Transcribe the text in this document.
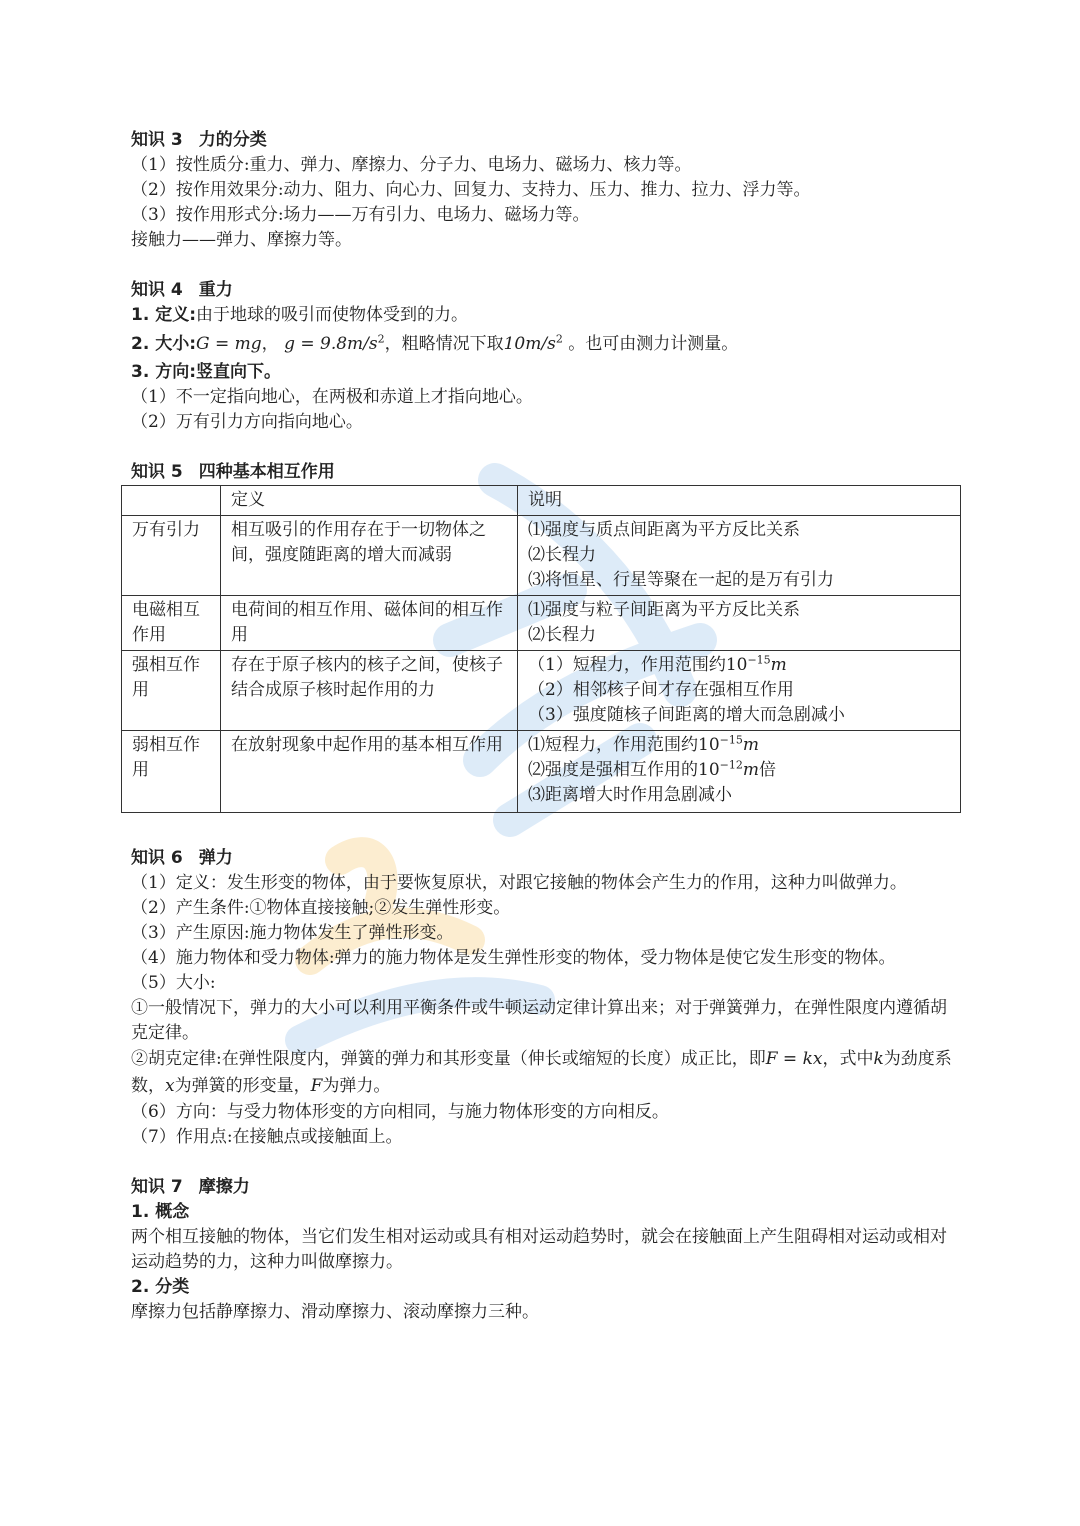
知识 3 力的分类
（1）按性质分:重力、弹力、摩擦力、分子力、电场力、磁场力、核力等。
（2）按作用效果分:动力、阻力、向心力、回复力、支持力、压力、推力、拉力、浮力等。
（3）按作用形式分:场力——万有引力、电场力、磁场力等。
接触力——弹力、摩擦力等。
知识 4 重力
1. 定义:由于地球的吸引而使物体受到的力。
2. 大小:G = mg， $g = 9.8m/s^2$，粗略情况下取$10m/s^2$ 。也可由测力计测量。
3. 方向:竖直向下。
（1）不一定指向地心，在两极和赤道上才指向地心。
（2）万有引力方向指向地心。
知识 5 四种基本相互作用
	定义	说明
万有引力	相互吸引的作用存在于一切物体之间，强度随距离的增大而减弱	⑴强度与质点间距离为平方反比关系
⑵长程力
⑶将恒星、行星等聚在一起的是万有引力

电磁相互作用	电荷间的相互作用、磁体间的相互作用	⑴强度与粒子间距离为平方反比关系
⑵长程力

强相互作用	存在于原子核内的核子之间，使核子结合成原子核时起作用的力	（1）短程力，作用范围约$10^{-15}m$
（2）相邻核子间才存在强相互作用
（3）强度随核子间距离的增大而急剧减小

弱相互作用	在放射现象中起作用的基本相互作用	⑴短程力，作用范围约$10^{-15}m$
⑵强度是强相互作用的$10^{-12}m$倍
⑶距离增大时作用急剧减小
知识 6 弹力
（1）定义：发生形变的物体，由于要恢复原状，对跟它接触的物体会产生力的作用，这种力叫做弹力。
（2）产生条件:①物体直接接触;②发生弹性形变。
（3）产生原因:施力物体发生了弹性形变。
（4）施力物体和受力物体:弹力的施力物体是发生弹性形变的物体，受力物体是使它发生形变的物体。
（5）大小:
①一般情况下，弹力的大小可以利用平衡条件或牛顿运动定律计算出来；对于弹簧弹力，在弹性限度内遵循胡克定律。
②胡克定律:在弹性限度内，弹簧的弹力和其形变量（伸长或缩短的长度）成正比，即F = kx，式中k为劲度系数，x为弹簧的形变量，F为弹力。
（6）方向：与受力物体形变的方向相同，与施力物体形变的方向相反。
（7）作用点:在接触点或接触面上。
知识 7 摩擦力
1. 概念
两个相互接触的物体，当它们发生相对运动或具有相对运动趋势时，就会在接触面上产生阻碍相对运动或相对运动趋势的力，这种力叫做摩擦力。
2. 分类
摩擦力包括静摩擦力、滑动摩擦力、滚动摩擦力三种。
